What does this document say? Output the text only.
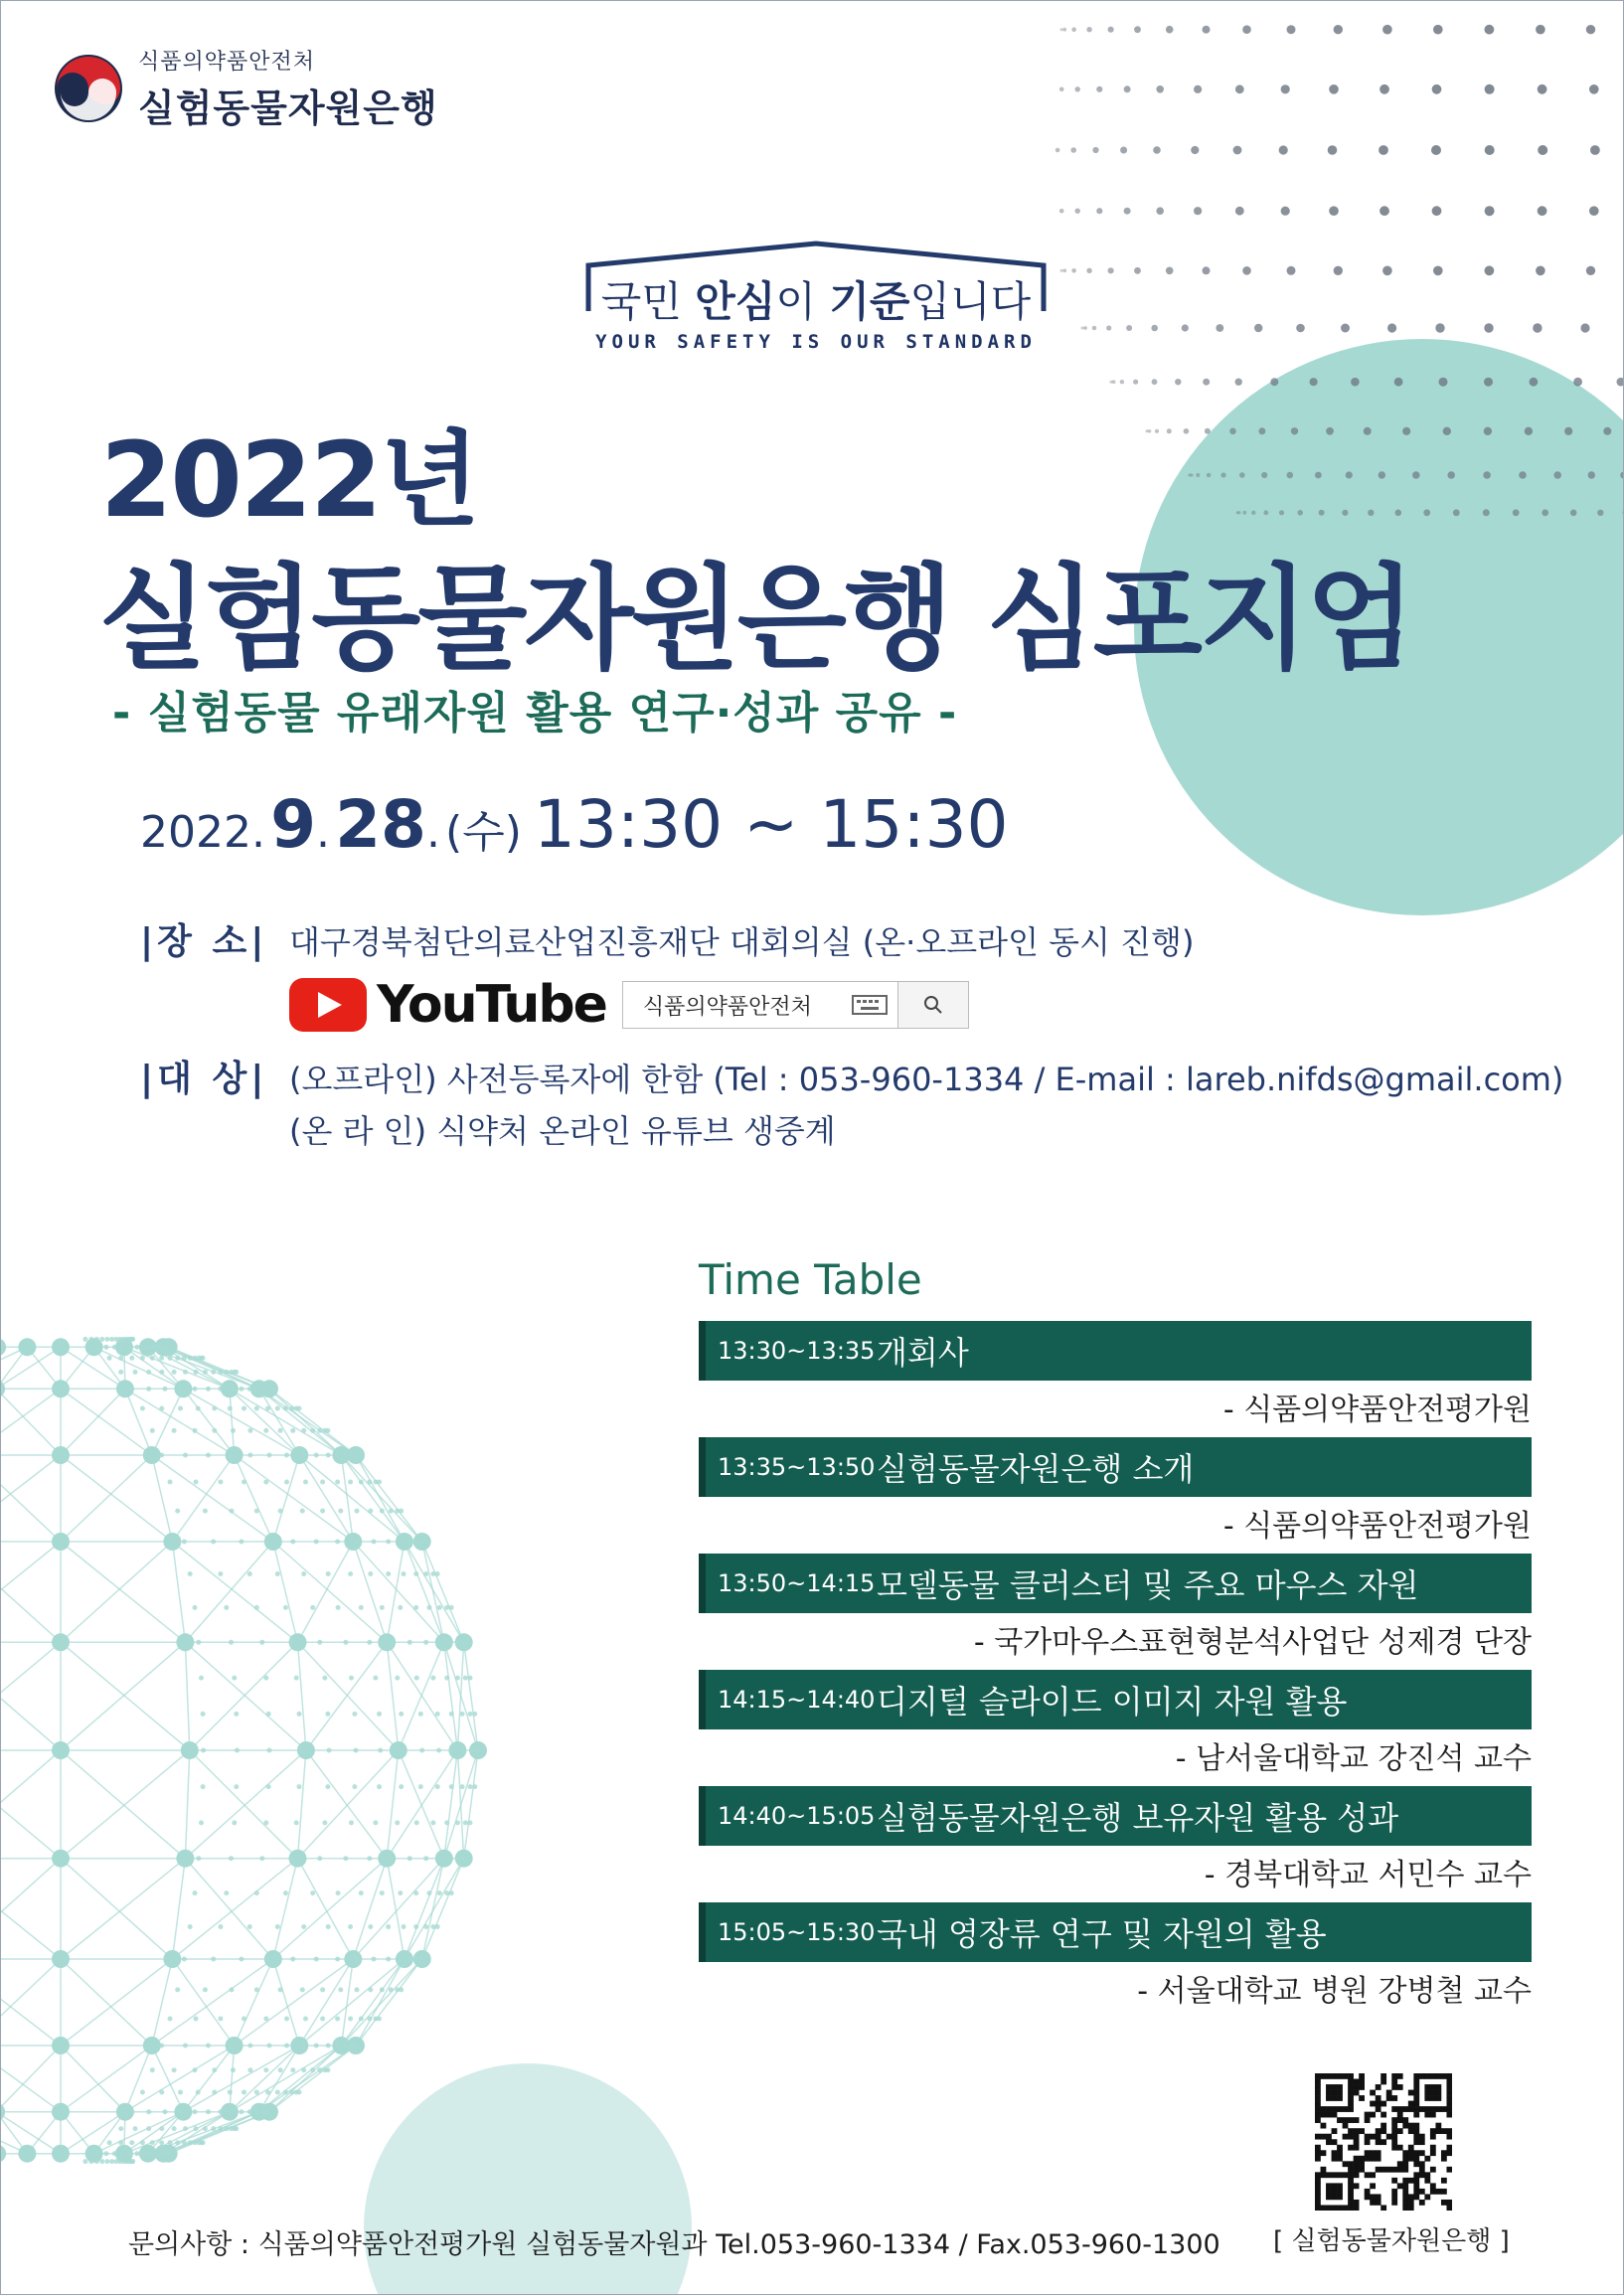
식품의약품안전처
실험동물자원은행
국민 안심이 기준입니다
YOUR SAFETY IS OUR STANDARD
2022년
실험동물자원은행 심포지엄
- 실험동물 유래자원 활용 연구·성과 공유 -
2022. 9. 28. (수) 13:30 ~ 15:30
|장 소| 대구경북첨단의료산업진흥재단 대회의실 (온·오프라인 동시 진행)
YouTube	식품의약품안전처
|대 상| (오프라인) 사전등록자에 한함 (Tel : 053-960-1334 / E-mail : lareb.nifds@gmail.com)
(온 라 인) 식약처 온라인 유튜브 생중계
Time Table
13:30~13:35 개회사
- 식품의약품안전평가원
13:35~13:50 실험동물자원은행 소개
- 식품의약품안전평가원
13:50~14:15 모델동물 클러스터 및 주요 마우스 자원
- 국가마우스표현형분석사업단 성제경 단장
14:15~14:40 디지털 슬라이드 이미지 자원 활용
- 남서울대학교 강진석 교수
14:40~15:05 실험동물자원은행 보유자원 활용 성과
- 경북대학교 서민수 교수
15:05~15:30 국내 영장류 연구 및 자원의 활용
- 서울대학교 병원 강병철 교수
[ 실험동물자원은행 ]
문의사항 : 식품의약품안전평가원 실험동물자원과 Tel.053-960-1334 / Fax.053-960-1300
